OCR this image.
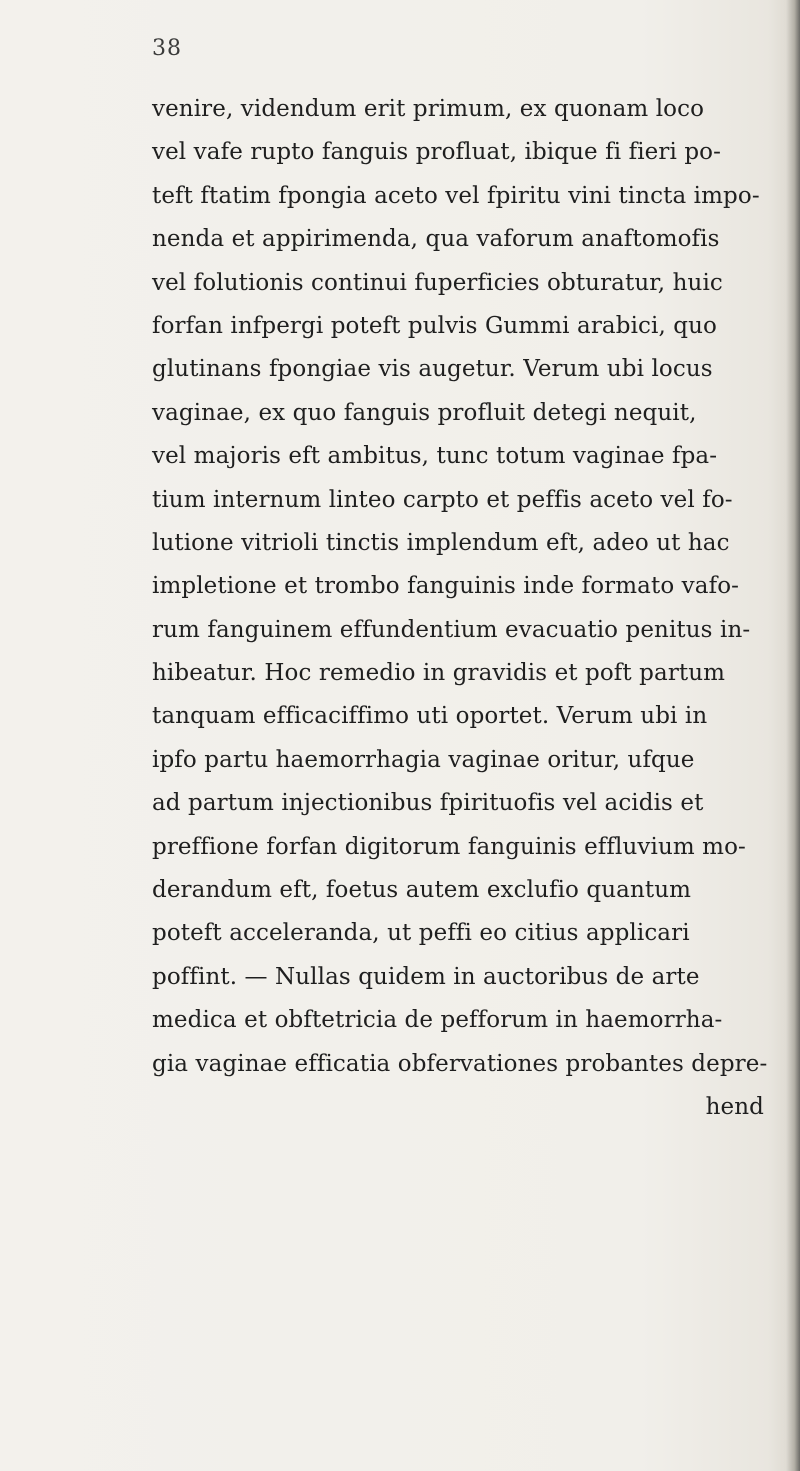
38
venire, videndum erit primum, ex quonam loco
vel vafe rupto fanguis profluat, ibique fi fieri po-
teft ftatim fpongia aceto vel fpiritu vini tincta impo-
nenda et appirimenda, qua vaforum anaftomofis
vel folutionis continui fuperficies obturatur, huic
forfan infpergi poteft pulvis Gummi arabici, quo
glutinans fpongiae vis augetur. Verum ubi locus
vaginae, ex quo fanguis profluit detegi nequit,
vel majoris eft ambitus, tunc totum vaginae fpa-
tium internum linteo carpto et peffis aceto vel fo-
lutione vitrioli tinctis implendum eft, adeo ut hac
impletione et trombo fanguinis inde formato vafo-
rum fanguinem effundentium evacuatio penitus in-
hibeatur. Hoc remedio in gravidis et poft partum
tanquam efficaciffimo uti oportet. Verum ubi in
ipfo partu haemorrhagia vaginae oritur, ufque
ad partum injectionibus fpirituofis vel acidis et
preffione forfan digitorum fanguinis effluvium mo-
derandum eft, foetus autem exclufio quantum
poteft acceleranda, ut peffi eo citius applicari
poffint. — Nullas quidem in auctoribus de arte
medica et obftetricia de pefforum in haemorrha-
gia vaginae efficatia obfervationes probantes depre-
hend
